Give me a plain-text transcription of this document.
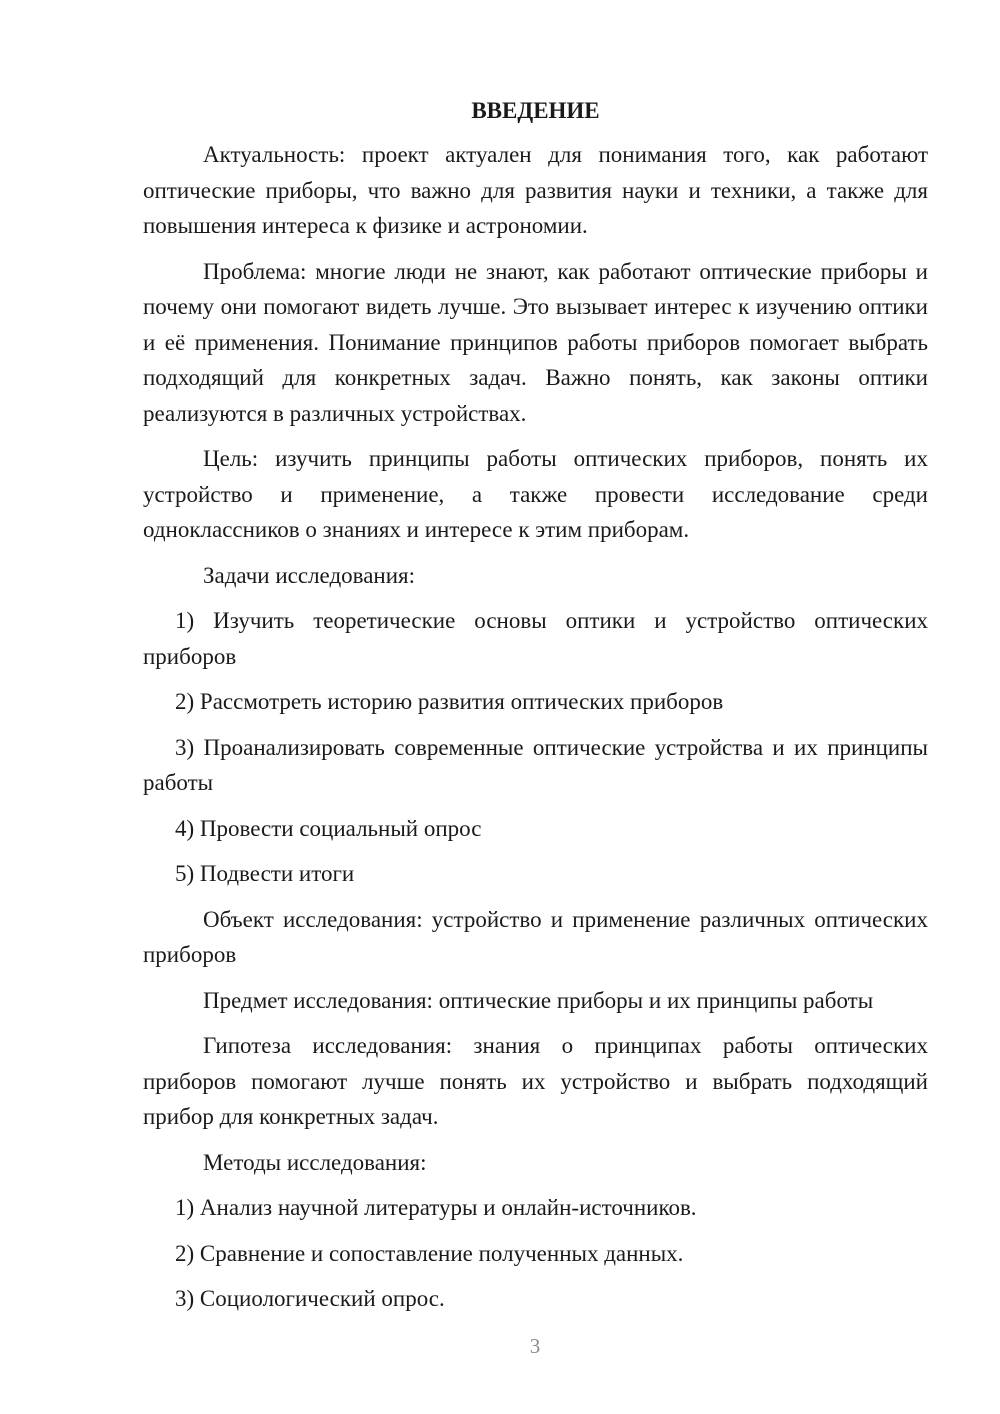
ВВЕДЕНИЕ

Актуальность: проект актуален для понимания того, как работают оптические приборы, что важно для развития науки и техники, а также для повышения интереса к физике и астрономии.

Проблема: многие люди не знают, как работают оптические приборы и почему они помогают видеть лучше. Это вызывает интерес к изучению оптики и её применения. Понимание принципов работы приборов помогает выбрать подходящий для конкретных задач. Важно понять, как законы оптики реализуются в различных устройствах.

Цель: изучить принципы работы оптических приборов, понять их устройство и применение, а также провести исследование среди одноклассников о знаниях и интересе к этим приборам.

Задачи исследования:

1) Изучить теоретические основы оптики и устройство оптических приборов

2) Рассмотреть историю развития оптических приборов

3) Проанализировать современные оптические устройства и их принципы работы

4) Провести социальный опрос

5) Подвести итоги

Объект исследования: устройство и применение различных оптических приборов

Предмет исследования: оптические приборы и их принципы работы

Гипотеза исследования: знания о принципах работы оптических приборов помогают лучше понять их устройство и выбрать подходящий прибор для конкретных задач.

Методы исследования:

1) Анализ научной литературы и онлайн-источников.

2) Сравнение и сопоставление полученных данных.

3) Социологический опрос.

3
